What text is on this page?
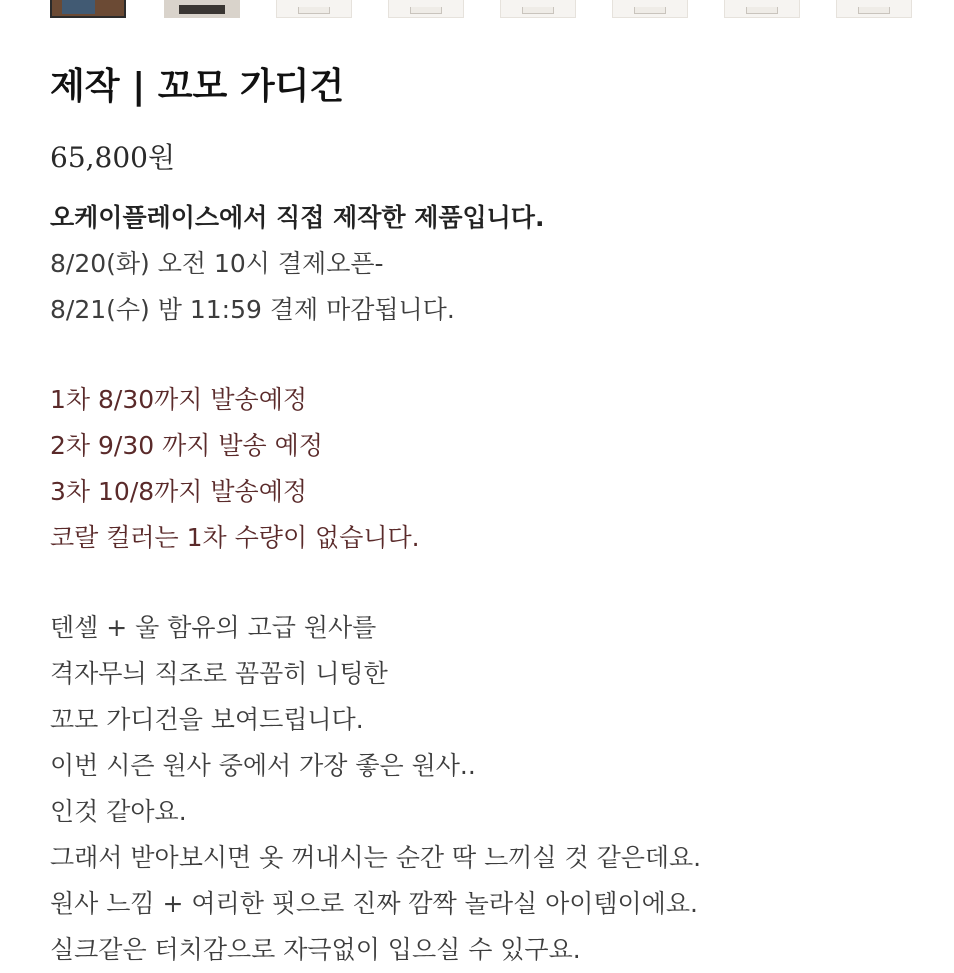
제작 | 꼬모 가디건
65,800원
오케이플레이스에서 직접 제작한 제품입니다.
8/20(화) 오전 10시 결제오픈-
8/21(수) 밤 11:59 결제 마감됩니다.
1차 8/30까지 발송예정
2차 9/30 까지 발송 예정
3차 10/8까지 발송예정
코랄 컬러는 1차 수량이 없습니다.
텐셀 + 울 함유의 고급 원사를
격자무늬 직조로 꼼꼼히 니팅한
꼬모 가디건을 보여드립니다.
이번 시즌 원사 중에서 가장 좋은 원사..
인것 같아요.
그래서 받아보시면 옷 꺼내시는 순간 딱 느끼실 것 같은데요.
원사 느낌 + 여리한 핏으로 진짜 깜짝 놀라실 아이템이에요.
실크같은 터치감으로 자극없이 입으실 수 있구요.
